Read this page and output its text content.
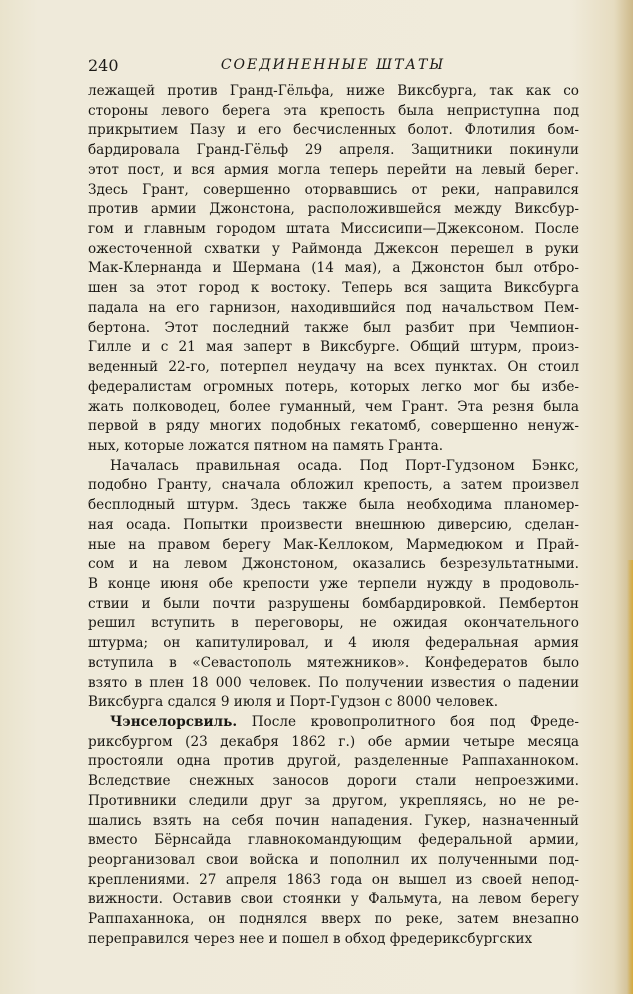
240	СОЕДИНЕННЫЕ ШТАТЫ
лежащей против Гранд-Гёльфа, ниже Виксбурга, так как со
стороны левого берега эта крепость была неприступна под
прикрытием Пазу и его бесчисленных болот. Флотилия бом-
бардировала Гранд-Гёльф 29 апреля. Защитники покинули
этот пост, и вся армия могла теперь перейти на левый берег.
Здесь Грант, совершенно оторвавшись от реки, направился
против армии Джонстона, расположившейся между Виксбур-
гом и главным городом штата Миссисипи—Джексоном. После
ожесточенной схватки у Раймонда Джексон перешел в руки
Мак-Клернанда и Шермана (14 мая), а Джонстон был отбро-
шен за этот город к востоку. Теперь вся защита Виксбурга
падала на его гарнизон, находившийся под начальством Пем-
бертона. Этот последний также был разбит при Чемпион-
Гилле и с 21 мая заперт в Виксбурге. Общий штурм, произ-
веденный 22-го, потерпел неудачу на всех пунктах. Он стоил
федералистам огромных потерь, которых легко мог бы избе-
жать полководец, более гуманный, чем Грант. Эта резня была
первой в ряду многих подобных гекатомб, совершенно ненуж-
ных, которые ложатся пятном на память Гранта.
Началась правильная осада. Под Порт-Гудзоном Бэнкс,
подобно Гранту, сначала обложил крепость, а затем произвел
бесплодный штурм. Здесь также была необходима планомер-
ная осада. Попытки произвести внешнюю диверсию, сделан-
ные на правом берегу Мак-Келлоком, Мармедюком и Прай-
сом и на левом Джонстоном, оказались безрезультатными.
В конце июня обе крепости уже терпели нужду в продоволь-
ствии и были почти разрушены бомбардировкой. Пембертон
решил вступить в переговоры, не ожидая окончательного
штурма; он капитулировал, и 4 июля федеральная армия
вступила в «Севастополь мятежников». Конфедератов было
взято в плен 18 000 человек. По получении известия о падении
Виксбурга сдался 9 июля и Порт-Гудзон с 8000 человек.
Чэнселорсвиль. После кровопролитного боя под Фреде-
риксбургом (23 декабря 1862 г.) обе армии четыре месяца
простояли одна против другой, разделенные Раппаханноком.
Вследствие снежных заносов дороги стали непроезжими.
Противники следили друг за другом, укрепляясь, но не ре-
шались взять на себя почин нападения. Гукер, назначенный
вместо Бёрнсайда главнокомандующим федеральной армии,
реорганизовал свои войска и пополнил их полученными под-
креплениями. 27 апреля 1863 года он вышел из своей непод-
вижности. Оставив свои стоянки у Фальмута, на левом берегу
Раппаханнока, он поднялся вверх по реке, затем внезапно
переправился через нее и пошел в обход фредериксбургских
